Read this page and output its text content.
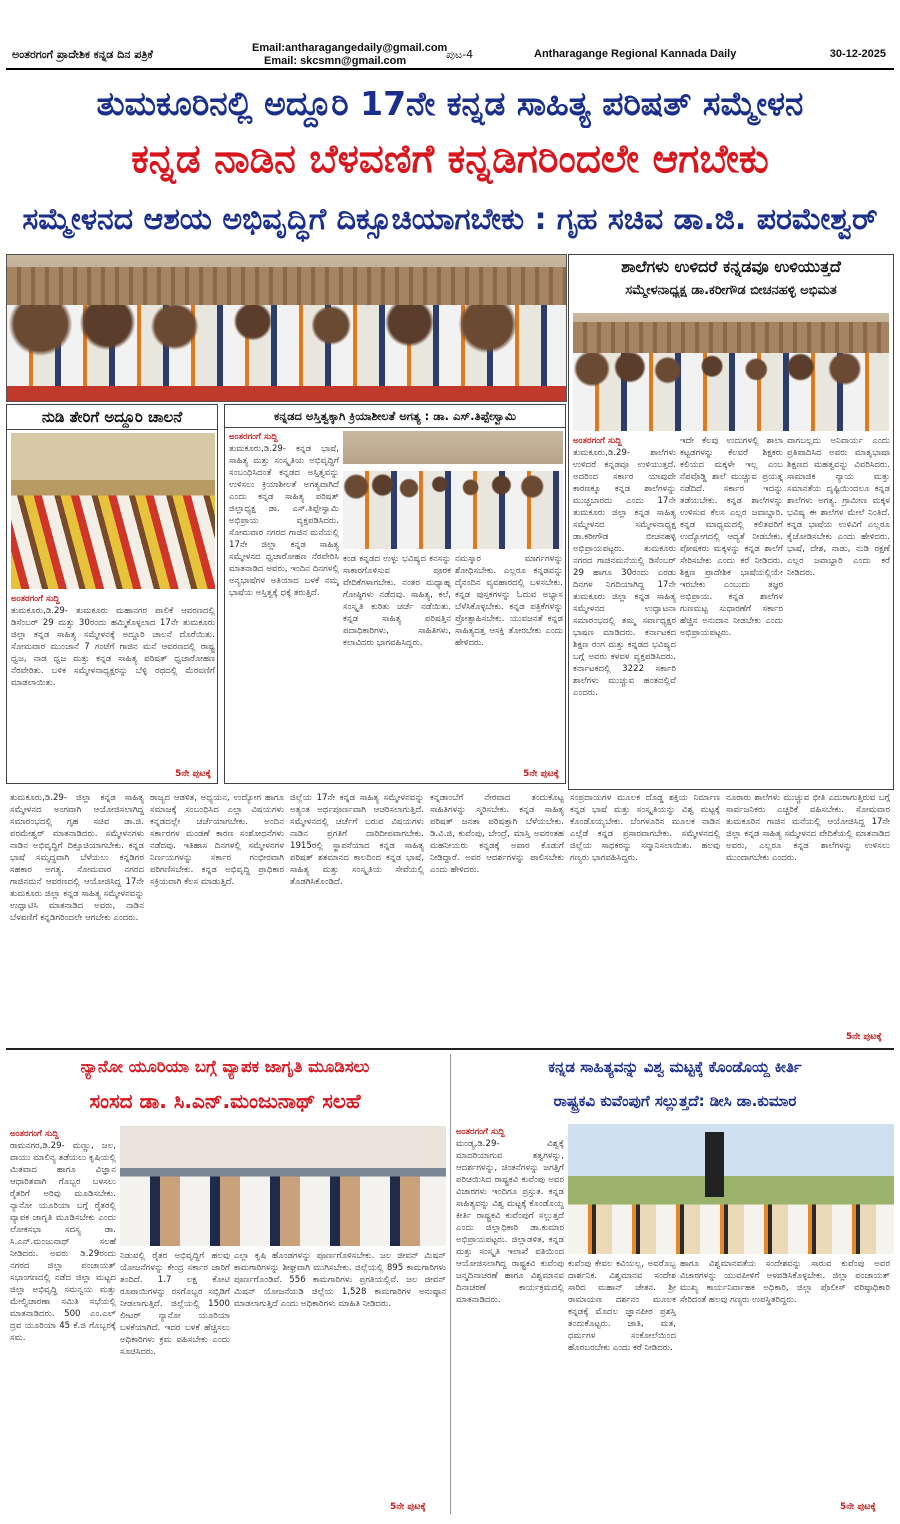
ಅಂತರಗಂಗೆ ಪ್ರಾದೇಶಿಕ ಕನ್ನಡ ದಿನ ಪತ್ರಿಕೆ	Email:antharagangedaily@gmail.com
Email: skcsmn@gmail.com	ಪುಟ-4	Antharagange Regional Kannada Daily	30-12-2025
ತುಮಕೂರಿನಲ್ಲಿ ಅದ್ದೂರಿ 17ನೇ ಕನ್ನಡ ಸಾಹಿತ್ಯ ಪರಿಷತ್ ಸಮ್ಮೇಳನ
ಕನ್ನಡ ನಾಡಿನ ಬೆಳವಣಿಗೆ ಕನ್ನಡಿಗರಿಂದಲೇ ಆಗಬೇಕು
ಸಮ್ಮೇಳನದ ಆಶಯ ಅಭಿವೃದ್ಧಿಗೆ ದಿಕ್ಸೂಚಿಯಾಗಬೇಕು : ಗೃಹ ಸಚಿವ ಡಾ.ಜಿ. ಪರಮೇಶ್ವರ್
ಶಾಲೆಗಳು ಉಳಿದರೆ ಕನ್ನಡವೂ ಉಳಿಯುತ್ತದೆ
ಸಮ್ಮೇಳನಾಧ್ಯಕ್ಷ ಡಾ.ಕರೀಗೌಡ ಬೀಚನಹಳ್ಳಿ ಅಭಿಮತ
ಅಂತರಗಂಗೆ ಸುದ್ದಿ
ತುಮಕೂರು,ಡಿ.29- ಶಾಲೆಗಳು ಉಳಿದರೆ ಕನ್ನಡವೂ ಉಳಿಯುತ್ತದೆ. ಅದರಿಂದ ಸರ್ಕಾರ ಯಾವುದೇ ಕಾರಣಕ್ಕೂ ಕನ್ನಡ ಶಾಲೆಗಳನ್ನು ಮುಚ್ಚಬಾರದು ಎಂದು 17ನೇ ತುಮಕೂರು ಜಿಲ್ಲಾ ಕನ್ನಡ ಸಾಹಿತ್ಯ ಸಮ್ಮೇಳನದ ಸಮ್ಮೇಳನಾಧ್ಯಕ್ಷ ಡಾ.ಕರೀಗೌಡ ಬೀಚನಹಳ್ಳಿ ಅಭಿಪ್ರಾಯಪಟ್ಟರು. ತುಮಕೂರು ನಗರದ ಗಾಜಿನಮನೆಯಲ್ಲಿ ಡಿಸೆಂಬರ್ 29 ಹಾಗೂ 30ರಂದು ಎರಡು ದಿನಗಳ ನಿಗದಿಯಾಗಿದ್ದ 17ನೇ ತುಮಕೂರು ಜಿಲ್ಲಾ ಕನ್ನಡ ಸಾಹಿತ್ಯ ಸಮ್ಮೇಳನದ ಉದ್ಘಾಟನಾ ಸಮಾರಂಭದಲ್ಲಿ ತಮ್ಮ ಸರ್ವಾಧ್ಯಕ್ಷರ ಭಾಷಣ ಮಾಡಿದರು. ಕರ್ನಾಟಕದ ಶಿಕ್ಷಣ ರಂಗ ಮತ್ತು ಕನ್ನಡದ ಭವಿಷ್ಯದ ಬಗ್ಗೆ ಅವರು ಕಳವಳ ವ್ಯಕ್ತಪಡಿಸಿದರು. ಕರ್ನಾಟಕದಲ್ಲಿ 3222 ಸರ್ಕಾರಿ ಶಾಲೆಗಳು ಮುಚ್ಚುವ ಹಂತದಲ್ಲಿವೆ ಎಂದರು.
ಇದೇ ಕೆಲವು ಉದುಗಳಲ್ಲಿ ಶಾಲಾ ಕಟ್ಟಡಗಳನ್ನು ಕೆಲವರೆ ಶಿಕ್ಷಕರು ಕಲಿಯದ ಮಕ್ಕಳೇ ಇಲ್ಲ ಎಂಬ ನೆಪವೊಡ್ಡಿ ಶಾಲೆ ಮುಚ್ಚುವ ಪ್ರಯತ್ನ ನಡೆದಿದೆ. ಸರ್ಕಾರ ಇದನ್ನು ತಡೆಯಬೇಕು. ಕನ್ನಡ ಶಾಲೆಗಳನ್ನು ಉಳಿಸುವ ಕೆಲಸ ಎಲ್ಲರ ಜವಾಬ್ದಾರಿ. ಕನ್ನಡ ಮಾಧ್ಯಮದಲ್ಲಿ ಕಲಿತವರಿಗೆ ಉದ್ಯೋಗದಲ್ಲಿ ಆದ್ಯತೆ ನೀಡಬೇಕು. ಪೋಷಕರು ಮಕ್ಕಳನ್ನು ಕನ್ನಡ ಶಾಲೆಗೆ ಸೇರಿಸಬೇಕು ಎಂದು ಕರೆ ನೀಡಿದರು. ಶಿಕ್ಷಣ ಪ್ರಾದೇಶಿಕ ಭಾಷೆಯಲ್ಲಿಯೇ ಇರಬೇಕು ಎಂಬುದು ತಜ್ಞರ ಅಭಿಪ್ರಾಯ. ಕನ್ನಡ ಶಾಲೆಗಳ ಗುಣಮಟ್ಟ ಸುಧಾರಣೆಗೆ ಸರ್ಕಾರ ಹೆಚ್ಚಿನ ಅನುದಾನ ನೀಡಬೇಕು ಎಂದು ಅಭಿಪ್ರಾಯಪಟ್ಟರು.
ವಾಗಬಲ್ಲದು ಅನಿವಾರ್ಯ ಎಂದು ಪ್ರತಿಪಾದಿಸಿದ ಅವರು ಮಾತೃಭಾಷಾ ಶಿಕ್ಷಣದ ಮಹತ್ವವನ್ನು ವಿವರಿಸಿದರು. ಸಾಮಾಜಿಕ ನ್ಯಾಯ ಮತ್ತು ಸಮಾನತೆಯ ದೃಷ್ಟಿಯಿಂದಲೂ ಕನ್ನಡ ಶಾಲೆಗಳು ಅಗತ್ಯ. ಗ್ರಾಮೀಣ ಮಕ್ಕಳ ಭವಿಷ್ಯ ಈ ಶಾಲೆಗಳ ಮೇಲೆ ನಿಂತಿದೆ. ಕನ್ನಡ ಭಾಷೆಯ ಉಳಿವಿಗೆ ಎಲ್ಲರೂ ಕೈಜೋಡಿಸಬೇಕು ಎಂದು ಹೇಳಿದರು. ಭಾಷೆ, ದೇಶ, ನಾಡು, ನುಡಿ ರಕ್ಷಣೆ ಎಲ್ಲರ ಜವಾಬ್ದಾರಿ ಎಂದು ಕರೆ ನೀಡಿದರು.
ನುಡಿ ತೇರಿಗೆ ಅದ್ದೂರಿ ಚಾಲನೆ
ಅಂತರಗಂಗೆ ಸುದ್ದಿ
ತುಮಕೂರು,ಡಿ.29- ತುಮಕೂರು ಮಹಾನಗರ ಪಾಲಿಕೆ ಆವರಣದಲ್ಲಿ ಡಿಸೆಂಬರ್ 29 ಮತ್ತು 30ರಂದು ಹಮ್ಮಿಕೊಳ್ಳಲಾದ 17ನೇ ತುಮಕೂರು ಜಿಲ್ಲಾ ಕನ್ನಡ ಸಾಹಿತ್ಯ ಸಮ್ಮೇಳನಕ್ಕೆ ಅದ್ದೂರಿ ಚಾಲನೆ ದೊರೆಯಿತು. ಸೋಮವಾರ ಮುಂಜಾನೆ 7 ಗಂಟೆಗೆ ಗಾಜಿನ ಮನೆ ಆವರಣದಲ್ಲಿ ರಾಷ್ಟ್ರ ಧ್ವಜ, ನಾಡ ಧ್ವಜ ಮತ್ತು ಕನ್ನಡ ಸಾಹಿತ್ಯ ಪರಿಷತ್ ಧ್ವಜಾರೋಹಣ ನೆರವೇರಿತು. ಬಳಿಕ ಸಮ್ಮೇಳನಾಧ್ಯಕ್ಷರನ್ನು ಬೆಳ್ಳಿ ರಥದಲ್ಲಿ ಮೆರವಣಿಗೆ ಮಾಡಲಾಯಿತು.
5ನೇ ಪುಟಕ್ಕೆ
ಕನ್ನಡದ ಅಸ್ತಿತ್ವಕ್ಕಾಗಿ ಕ್ರಿಯಾಶೀಲತೆ ಅಗತ್ಯ : ಡಾ. ಎಸ್.ತಿಪ್ಪೇಸ್ವಾಮಿ
ಅಂತರಗಂಗೆ ಸುದ್ದಿ
ತುಮಕೂರು,ಡಿ.29- ಕನ್ನಡ ಭಾಷೆ, ಸಾಹಿತ್ಯ ಮತ್ತು ಸಂಸ್ಕೃತಿಯ ಅಭಿವೃದ್ಧಿಗೆ ಸಂಬಂಧಿಸಿದಂತೆ ಕನ್ನಡದ ಅಸ್ತಿತ್ವವನ್ನು ಉಳಿಸಲು ಕ್ರಿಯಾಶೀಲತೆ ಅಗತ್ಯವಾಗಿದೆ ಎಂದು ಕನ್ನಡ ಸಾಹಿತ್ಯ ಪರಿಷತ್ ಜಿಲ್ಲಾಧ್ಯಕ್ಷ ಡಾ. ಎಸ್.ತಿಪ್ಪೇಸ್ವಾಮಿ ಅಭಿಪ್ರಾಯ ವ್ಯಕ್ತಪಡಿಸಿದರು. ಸೋಮವಾರ ನಗರದ ಗಾಜಿನ ಮನೆಯಲ್ಲಿ 17ನೇ ಜಿಲ್ಲಾ ಕನ್ನಡ ಸಾಹಿತ್ಯ ಸಮ್ಮೇಳನದ ಧ್ವಜಾರೋಹಣ ನೆರವೇರಿಸಿ ಮಾತನಾಡಿದ ಅವರು, ಇಂದಿನ ದಿನಗಳಲ್ಲಿ ಅನ್ಯಭಾಷೆಗಳ ಅತಿಯಾದ ಬಳಕೆ ನಮ್ಮ ಭಾಷೆಯ ಅಸ್ತಿತ್ವಕ್ಕೆ ಧಕ್ಕೆ ತರುತ್ತಿದೆ.
ಕಂಡ ಕನ್ನಡದ ಉಳ್ಳು ಭವಿಷ್ಯದ ಕನಸನ್ನು ಸಾಕಾರಗೊಳಿಸುವ ಪೂರಕ ವೇದಿಕೆಗಳಾಗಬೇಕು. ನಂತರ ಮಧ್ಯಾಹ್ನ ಗೋಷ್ಠಿಗಳು ನಡೆದವು. ಸಾಹಿತ್ಯ, ಕಲೆ, ಸಂಸ್ಕೃತಿ ಕುರಿತು ಚರ್ಚೆ ನಡೆಯಿತು. ಕನ್ನಡ ಸಾಹಿತ್ಯ ಪರಿಷತ್ತಿನ ಪದಾಧಿಕಾರಿಗಳು, ಸಾಹಿತಿಗಳು, ಕಲಾವಿದರು ಭಾಗವಹಿಸಿದ್ದರು.
ನಮಸ್ಕಾರ ಮಾರ್ಗಗಳನ್ನು ಶೋಧಿಸಬೇಕು. ಎಲ್ಲರೂ ಕನ್ನಡವನ್ನು ದೈನಂದಿನ ವ್ಯವಹಾರದಲ್ಲಿ ಬಳಸಬೇಕು. ಕನ್ನಡ ಪುಸ್ತಕಗಳನ್ನು ಓದುವ ಅಭ್ಯಾಸ ಬೆಳೆಸಿಕೊಳ್ಳಬೇಕು. ಕನ್ನಡ ಪತ್ರಿಕೆಗಳನ್ನು ಪ್ರೋತ್ಸಾಹಿಸಬೇಕು. ಯುವಜನತೆ ಕನ್ನಡ ಸಾಹಿತ್ಯದತ್ತ ಆಸಕ್ತಿ ತೋರಬೇಕು ಎಂದು ಹೇಳಿದರು.
5ನೇ ಪುಟಕ್ಕೆ
ತುಮಕೂರು,ಡಿ.29- ಜಿಲ್ಲಾ ಕನ್ನಡ ಸಾಹಿತ್ಯ ಸಮ್ಮೇಳನದ ಅಂಗವಾಗಿ ಆಯೋಜಿಸಲಾಗಿದ್ದ ಸಮಾರಂಭದಲ್ಲಿ ಗೃಹ ಸಚಿವ ಡಾ.ಜಿ. ಪರಮೇಶ್ವರ್ ಮಾತನಾಡಿದರು. ಸಮ್ಮೇಳನಗಳು ನಾಡಿನ ಅಭಿವೃದ್ಧಿಗೆ ದಿಕ್ಸೂಚಿಯಾಗಬೇಕು. ಕನ್ನಡ ಭಾಷೆ ಸಮೃದ್ಧವಾಗಿ ಬೆಳೆಯಲು ಕನ್ನಡಿಗರ ಸಹಕಾರ ಅಗತ್ಯ. ಸೋಮವಾರ ನಗರದ ಗಾಜಿನಮನೆ ಆವರಣದಲ್ಲಿ ಆಯೋಜಿಸಿದ್ದ 17ನೇ ತುಮಕೂರು ಜಿಲ್ಲಾ ಕನ್ನಡ ಸಾಹಿತ್ಯ ಸಮ್ಮೇಳನವನ್ನು ಉದ್ಘಾಟಿಸಿ ಮಾತನಾಡಿದ ಅವರು, ನಾಡಿನ ಬೆಳವಣಿಗೆ ಕನ್ನಡಿಗರಿಂದಲೇ ಆಗಬೇಕು ಎಂದರು.
ರಾಜ್ಯದ ಆಡಳಿತ, ಅಧ್ಯಯನ, ಉದ್ಯೋಗ ಹಾಗೂ ಸಮಾಜಕ್ಕೆ ಸಂಬಂಧಿಸಿದ ಎಲ್ಲಾ ವಿಷಯಗಳು ಕನ್ನಡದಲ್ಲೇ ಚರ್ಚೆಯಾಗಬೇಕು. ಅಂದಿನ ಸರ್ಕಾರಗಳ ಮಂಡಣೆ ಕಾರಣ ಸಂಶೋಧನೆಗಳು ನಡೆದವು. ಇತಿಹಾಸ ದಿನಗಳಲ್ಲಿ ಸಮ್ಮೇಳನಗಳ ನಿರ್ಣಯಗಳನ್ನು ಸರ್ಕಾರ ಗಂಭೀರವಾಗಿ ಪರಿಗಣಿಸಬೇಕು. ಕನ್ನಡ ಅಭಿವೃದ್ಧಿ ಪ್ರಾಧಿಕಾರ ಸಕ್ರಿಯವಾಗಿ ಕೆಲಸ ಮಾಡುತ್ತಿದೆ.
ಜಿಲ್ಲೆಯ 17ನೇ ಕನ್ನಡ ಸಾಹಿತ್ಯ ಸಮ್ಮೇಳನವನ್ನು ಅತ್ಯಂತ ಅರ್ಥಪೂರ್ಣವಾಗಿ ಆಚರಿಸಲಾಗುತ್ತಿದೆ. ಸಮ್ಮೇಳನದಲ್ಲಿ ಚರ್ಚೆಗೆ ಬರುವ ವಿಷಯಗಳು ನಾಡಿನ ಪ್ರಗತಿಗೆ ದಾರಿದೀಪವಾಗಬೇಕು. 1915ರಲ್ಲಿ ಸ್ಥಾಪನೆಯಾದ ಕನ್ನಡ ಸಾಹಿತ್ಯ ಪರಿಷತ್ ಶತಮಾನದ ಕಾಲದಿಂದ ಕನ್ನಡ ಭಾಷೆ, ಸಾಹಿತ್ಯ ಮತ್ತು ಸಂಸ್ಕೃತಿಯ ಸೇವೆಯಲ್ಲಿ ತೊಡಗಿಸಿಕೊಂಡಿದೆ.
ಕನ್ನಡಾಂಬೆಗೆ ನೇರವಾದ ತಂದುಕೊಟ್ಟ ಸಾಹಿತಿಗಳನ್ನು ಸ್ಮರಿಸಬೇಕು. ಕನ್ನಡ ಸಾಹಿತ್ಯ ಪರಿಷತ್ ಜನತಾ ಪರಿಷತ್ತಾಗಿ ಬೆಳೆಯಬೇಕು. ಡಿ.ವಿ.ಜಿ, ಕುವೆಂಪು, ಬೇಂದ್ರೆ, ಮಾಸ್ತಿ ಅವರಂತಹ ಮಹನೀಯರು ಕನ್ನಡಕ್ಕೆ ಅಪಾರ ಕೊಡುಗೆ ನೀಡಿದ್ದಾರೆ. ಅವರ ಆದರ್ಶಗಳನ್ನು ಪಾಲಿಸಬೇಕು ಎಂದು ಹೇಳಿದರು.
ಸಂಪ್ರದಾಯಗಳ ಮೂಲಕ ದೊಡ್ಡ ಶಕ್ತಿಯ ನಿರ್ಮಾಣ ಕನ್ನಡ ಭಾಷೆ ಮತ್ತು ಸಂಸ್ಕೃತಿಯನ್ನು ವಿಶ್ವ ಮಟ್ಟಕ್ಕೆ ಕೊಂಡೊಯ್ಯಬೇಕು. ಬೆಂಗಳೂರಿನ ಮೂಲಕ ನಾಡಿನ ಎಲ್ಲೆಡೆ ಕನ್ನಡ ಪ್ರಸಾರವಾಗಬೇಕು. ಸಮ್ಮೇಳನದಲ್ಲಿ ಜಿಲ್ಲೆಯ ಸಾಧಕರನ್ನು ಸನ್ಮಾನಿಸಲಾಯಿತು. ಹಲವು ಗಣ್ಯರು ಭಾಗವಹಿಸಿದ್ದರು.
ನೂರಾರು ಶಾಲೆಗಳು ಮುಚ್ಚುವ ಭೀತಿ ಎದುರಾಗುತ್ತಿರುವ ಬಗ್ಗೆ ಸಾರ್ವಜನಿಕರು ಎಚ್ಚರಿಕೆ ವಹಿಸಬೇಕು. ಸೋಮವಾರ ತುಮಕೂರಿನ ಗಾಜಿನ ಮನೆಯಲ್ಲಿ ಆಯೋಜಿಸಿದ್ದ 17ನೇ ಜಿಲ್ಲಾ ಕನ್ನಡ ಸಾಹಿತ್ಯ ಸಮ್ಮೇಳನದ ವೇದಿಕೆಯಲ್ಲಿ ಮಾತನಾಡಿದ ಅವರು, ಎಲ್ಲರೂ ಕನ್ನಡ ಶಾಲೆಗಳನ್ನು ಉಳಿಸಲು ಮುಂದಾಗಬೇಕು ಎಂದರು.
5ನೇ ಪುಟಕ್ಕೆ
ನ್ಯಾನೋ ಯೂರಿಯಾ ಬಗ್ಗೆ ವ್ಯಾಪಕ ಜಾಗೃತಿ ಮೂಡಿಸಲು
ಸಂಸದ ಡಾ. ಸಿ.ಎನ್.ಮಂಜುನಾಥ್ ಸಲಹೆ
ಅಂತರಗಂಗೆ ಸುದ್ದಿ
ರಾಮನಗರ,ಡಿ.29- ಮಣ್ಣು, ಜಲ, ವಾಯು ಮಾಲಿನ್ಯ ತಡೆಯಲು ಕೃಷಿಯಲ್ಲಿ ಮಿತವಾದ ಹಾಗೂ ವಿಜ್ಞಾನ ಆಧಾರಿತವಾಗಿ ಗೊಬ್ಬರ ಬಳಸಲು ರೈತರಿಗೆ ಅರಿವು ಮೂಡಿಸಬೇಕು. ನ್ಯಾನೋ ಯೂರಿಯಾ ಬಗ್ಗೆ ರೈತರಲ್ಲಿ ವ್ಯಾಪಕ ಜಾಗೃತಿ ಮೂಡಿಸಬೇಕು ಎಂದು ಲೋಕಸಭಾ ಸದಸ್ಯ ಡಾ. ಸಿ.ಎನ್.ಮಂಜುನಾಥ್ ಸಲಹೆ ನೀಡಿದರು. ಅವರು ಡಿ.29ರಂದು ನಗರದ ಜಿಲ್ಲಾ ಪಂಚಾಯತ್ ಸಭಾಂಗಣದಲ್ಲಿ ನಡೆದ ಜಿಲ್ಲಾ ಮಟ್ಟದ ಜಿಲ್ಲಾ ಅಭಿವೃದ್ಧಿ ಸಮನ್ವಯ ಮತ್ತು ಮೇಲ್ವಿಚಾರಣಾ ಸಮಿತಿ ಸಭೆಯಲ್ಲಿ ಮಾತನಾಡಿದರು. 500 ಎಂ.ಎಲ್ ದ್ರವ ಯೂರಿಯಾ 45 ಕೆ.ಜಿ ಗೊಬ್ಬರಕ್ಕೆ ಸಮ.
ನಿಡುವಲ್ಲಿ ರೈತರ ಅಭಿವೃದ್ಧಿಗೆ ಹಲವು ಯೋಜನೆಗಳನ್ನು ಕೇಂದ್ರ ಸರ್ಕಾರ ಜಾರಿಗೆ ತಂದಿದೆ. 1.7 ಲಕ್ಷ ಕೋಟಿ ರೂಪಾಯಿಗಳನ್ನು ರಸಗೊಬ್ಬರ ಸಬ್ಸಿಡಿಗೆ ನೀಡಲಾಗುತ್ತಿದೆ. ಜಿಲ್ಲೆಯಲ್ಲಿ 1500 ಲೀಟರ್ ನ್ಯಾನೋ ಯೂರಿಯಾ ಬಳಕೆಯಾಗಿದೆ. ಇದರ ಬಳಕೆ ಹೆಚ್ಚಿಸಲು ಅಧಿಕಾರಿಗಳು ಕ್ರಮ ವಹಿಸಬೇಕು ಎಂದು ಸೂಚಿಸಿದರು.
ಎಲ್ಲಾ ಕೃಷಿ ಹೊಂಡಗಳನ್ನು ಪೂರ್ಣಗೊಳಿಸಬೇಕು. ಜಲ ಜೀವನ್ ಮಿಷನ್ ಕಾಮಗಾರಿಗಳನ್ನು ಶೀಘ್ರವಾಗಿ ಮುಗಿಸಬೇಕು. ಜಿಲ್ಲೆಯಲ್ಲಿ 895 ಕಾಮಗಾರಿಗಳು ಪೂರ್ಣಗೊಂಡಿವೆ. 556 ಕಾಮಗಾರಿಗಳು ಪ್ರಗತಿಯಲ್ಲಿವೆ. ಜಲ ಜೀವನ್ ಮಿಷನ್ ಯೋಜನೆಯಡಿ ಜಿಲ್ಲೆಯ 1,528 ಕಾಮಗಾರಿಗಳ ಅನುಷ್ಠಾನ ಮಾಡಲಾಗುತ್ತಿದೆ ಎಂದು ಅಧಿಕಾರಿಗಳು ಮಾಹಿತಿ ನೀಡಿದರು.
5ನೇ ಪುಟಕ್ಕೆ
ಕನ್ನಡ ಸಾಹಿತ್ಯವನ್ನು ವಿಶ್ವ ಮಟ್ಟಕ್ಕೆ ಕೊಂಡೊಯ್ದ ಕೀರ್ತಿ
ರಾಷ್ಟ್ರಕವಿ ಕುವೆಂಪುಗೆ ಸಲ್ಲುತ್ತದೆ: ಡೀಸಿ ಡಾ.ಕುಮಾರ
ಅಂತರಗಂಗೆ ಸುದ್ದಿ
ಮಂಡ್ಯ,ಡಿ.29- ವಿಶ್ವಕ್ಕೆ ಮಾದರಿಯಾಗುವ ತತ್ವಗಳನ್ನು, ಆದರ್ಶಗಳನ್ನು, ಚಿಂತನೆಗಳನ್ನು ಜಗತ್ತಿಗೆ ಪರಿಚಯಿಸಿದ ರಾಷ್ಟ್ರಕವಿ ಕುವೆಂಪು ಅವರ ವಿಚಾರಗಳು ಇಂದಿಗೂ ಪ್ರಸ್ತುತ. ಕನ್ನಡ ಸಾಹಿತ್ಯವನ್ನು ವಿಶ್ವ ಮಟ್ಟಕ್ಕೆ ಕೊಂಡೊಯ್ದ ಕೀರ್ತಿ ರಾಷ್ಟ್ರಕವಿ ಕುವೆಂಪುಗೆ ಸಲ್ಲುತ್ತದೆ ಎಂದು ಜಿಲ್ಲಾಧಿಕಾರಿ ಡಾ.ಕುಮಾರ ಅಭಿಪ್ರಾಯಪಟ್ಟರು. ಜಿಲ್ಲಾಡಳಿತ, ಕನ್ನಡ ಮತ್ತು ಸಂಸ್ಕೃತಿ ಇಲಾಖೆ ವತಿಯಿಂದ ಆಯೋಜಿಸಲಾಗಿದ್ದ ರಾಷ್ಟ್ರಕವಿ ಕುವೆಂಪು ಜನ್ಮದಿನಾಚರಣೆ ಹಾಗೂ ವಿಶ್ವಮಾನವ ದಿನಾಚರಣೆ ಕಾರ್ಯಕ್ರಮದಲ್ಲಿ ಮಾತನಾಡಿದರು.
ಕುವೆಂಪು ಕೇವಲ ಕವಿಯಲ್ಲ, ಅವರೊಬ್ಬ ದಾರ್ಶನಿಕ. ವಿಶ್ವಮಾನವ ಸಂದೇಶ ಸಾರಿದ ಮಹಾನ್ ಚೇತನ. ಶ್ರೀ ರಾಮಾಯಣ ದರ್ಶನಂ ಮೂಲಕ ಕನ್ನಡಕ್ಕೆ ಮೊದಲ ಜ್ಞಾನಪೀಠ ಪ್ರಶಸ್ತಿ ತಂದುಕೊಟ್ಟರು. ಜಾತಿ, ಮತ, ಧರ್ಮಗಳ ಸಂಕೋಲೆಯಿಂದ ಹೊರಬರಬೇಕು ಎಂದು ಕರೆ ನೀಡಿದರು.
ಹಾಗೂ ವಿಶ್ವಮಾನವತೆಯ ಸಂದೇಶವನ್ನು ಸಾರುವ ಕುವೆಂಪು ಅವರ ವಿಚಾರಗಳನ್ನು ಯುವಪೀಳಿಗೆ ಅಳವಡಿಸಿಕೊಳ್ಳಬೇಕು. ಜಿಲ್ಲಾ ಪಂಚಾಯತ್ ಮುಖ್ಯ ಕಾರ್ಯನಿರ್ವಾಹಕ ಅಧಿಕಾರಿ, ಜಿಲ್ಲಾ ಪೊಲೀಸ್ ವರಿಷ್ಠಾಧಿಕಾರಿ ಸೇರಿದಂತೆ ಹಲವು ಗಣ್ಯರು ಉಪಸ್ಥಿತರಿದ್ದರು.
5ನೇ ಪುಟಕ್ಕೆ
